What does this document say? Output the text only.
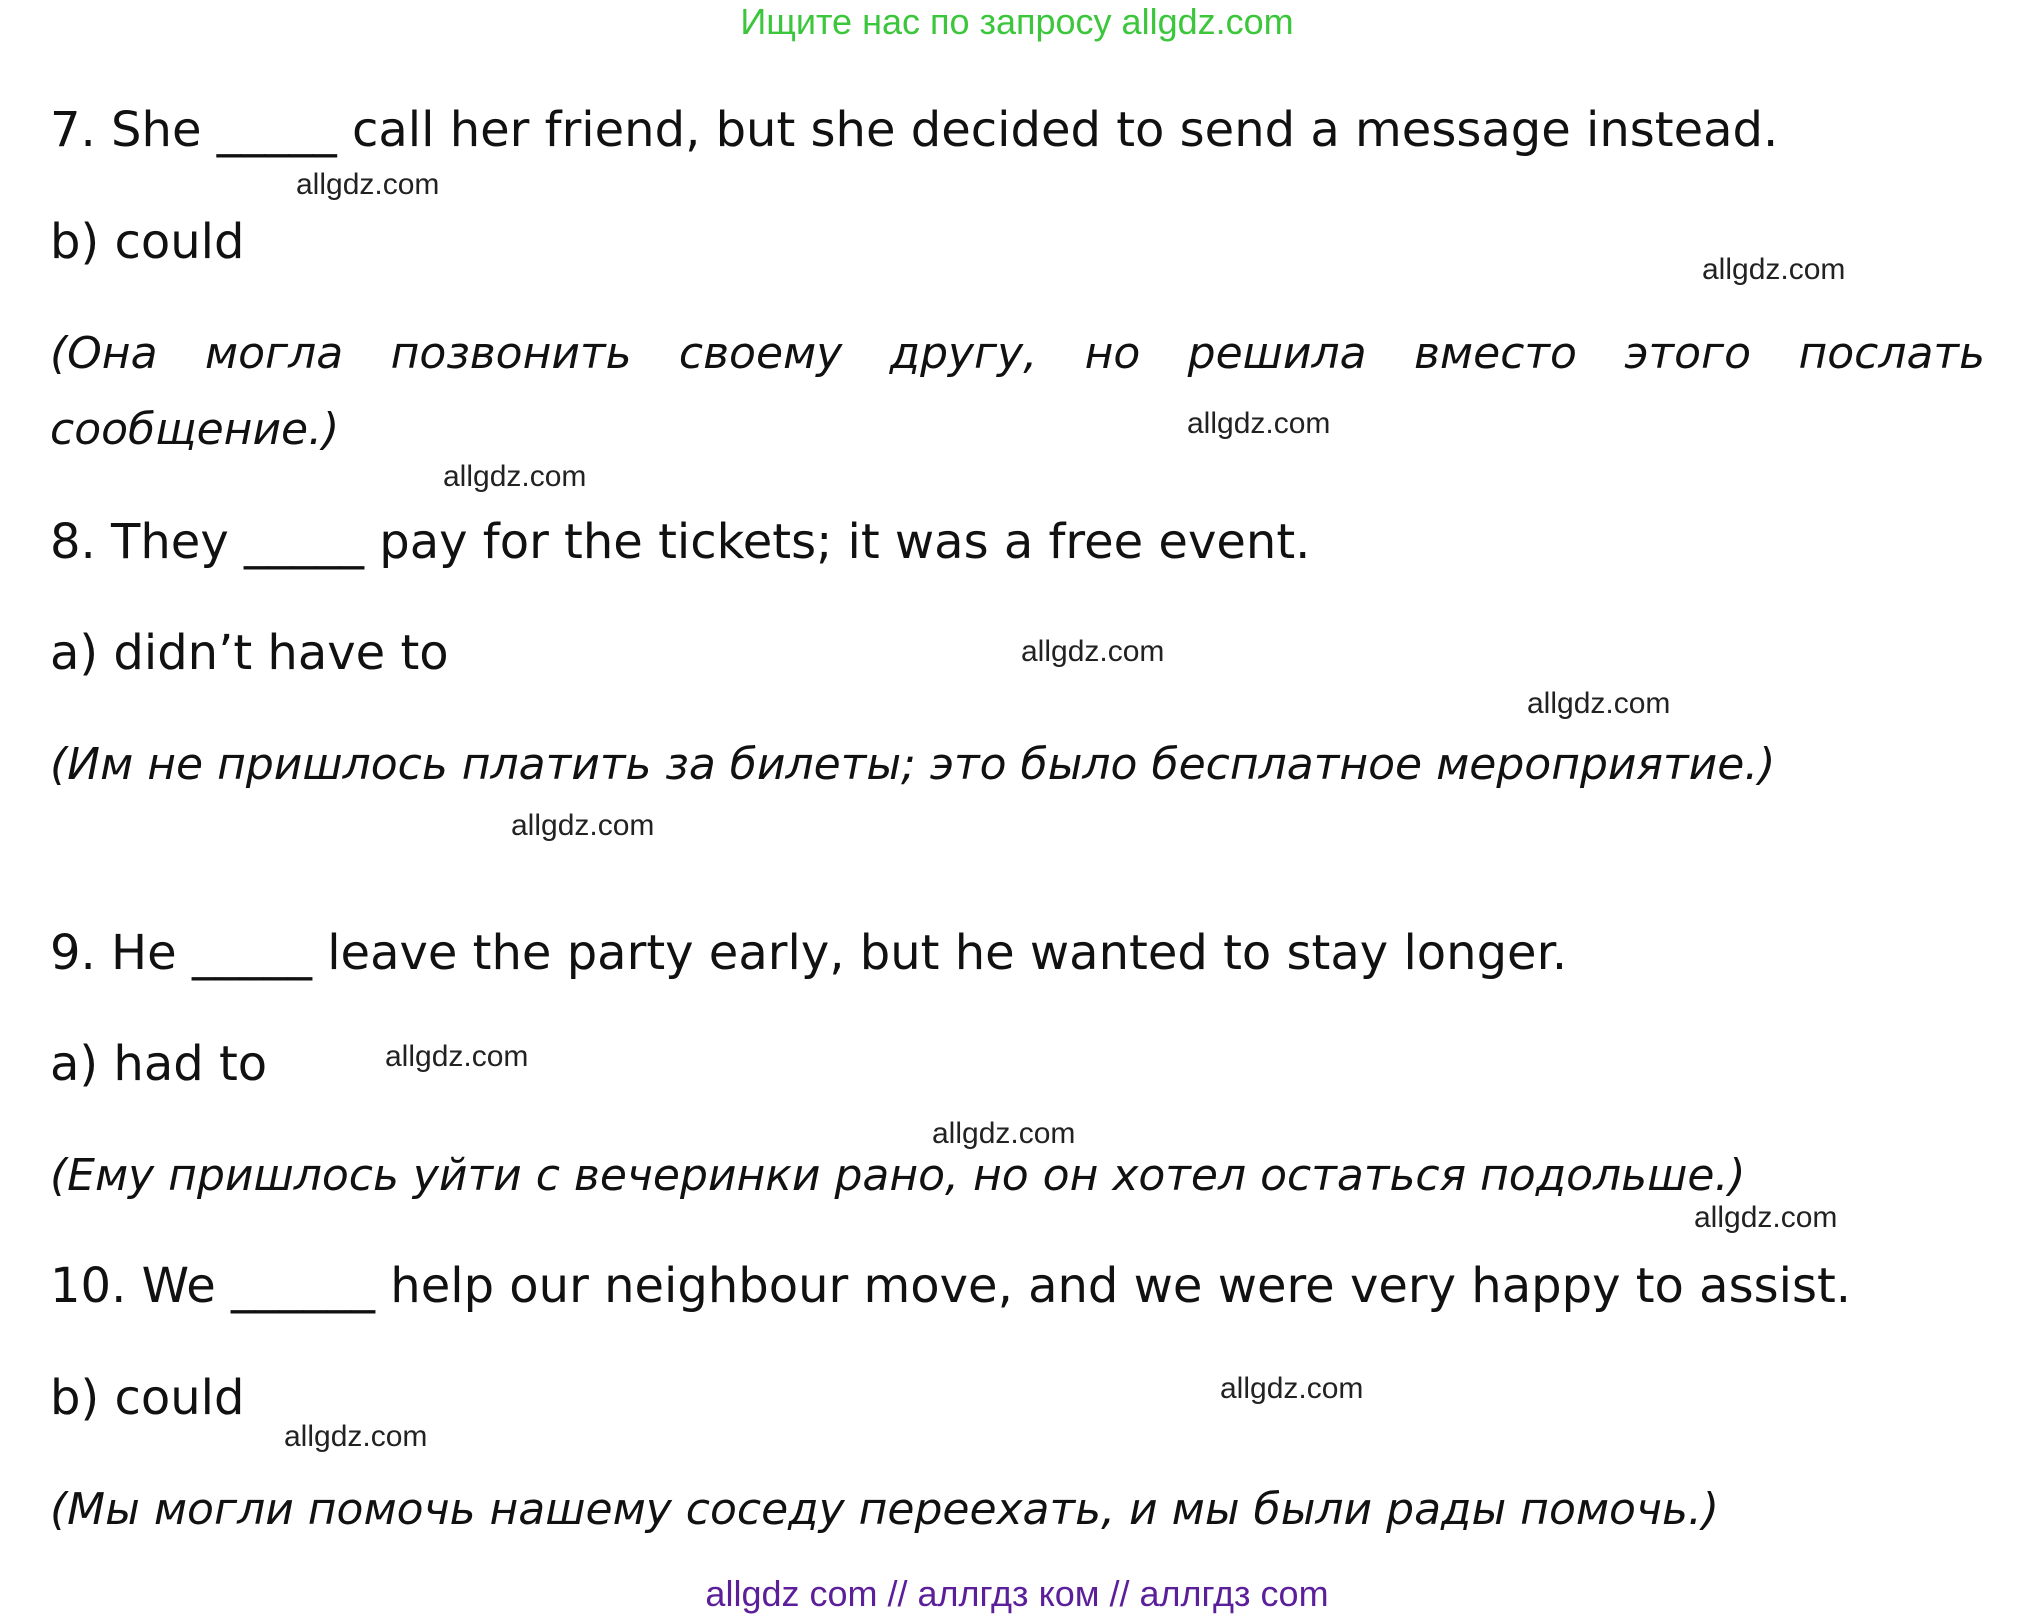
Ищите нас по запросу allgdz.com
7. She _____ call her friend, but she decided to send a message instead.
b) could
(Она могла позвонить своему другу, но решила вместо этого послать сообщение.)
8. They _____ pay for the tickets; it was a free event.
a) didn’t have to
(Им не пришлось платить за билеты; это было бесплатное мероприятие.)
9. He _____ leave the party early, but he wanted to stay longer.
a) had to
(Ему пришлось уйти с вечеринки рано, но он хотел остаться подольше.)
10. We ______ help our neighbour move, and we were very happy to assist.
b) could
(Мы могли помочь нашему соседу переехать, и мы были рады помочь.)
allgdz.com
allgdz.com
allgdz.com
allgdz.com
allgdz.com
allgdz.com
allgdz.com
allgdz.com
allgdz.com
allgdz.com
allgdz.com
allgdz.com
allgdz com // аллгдз ком // аллгдз com
